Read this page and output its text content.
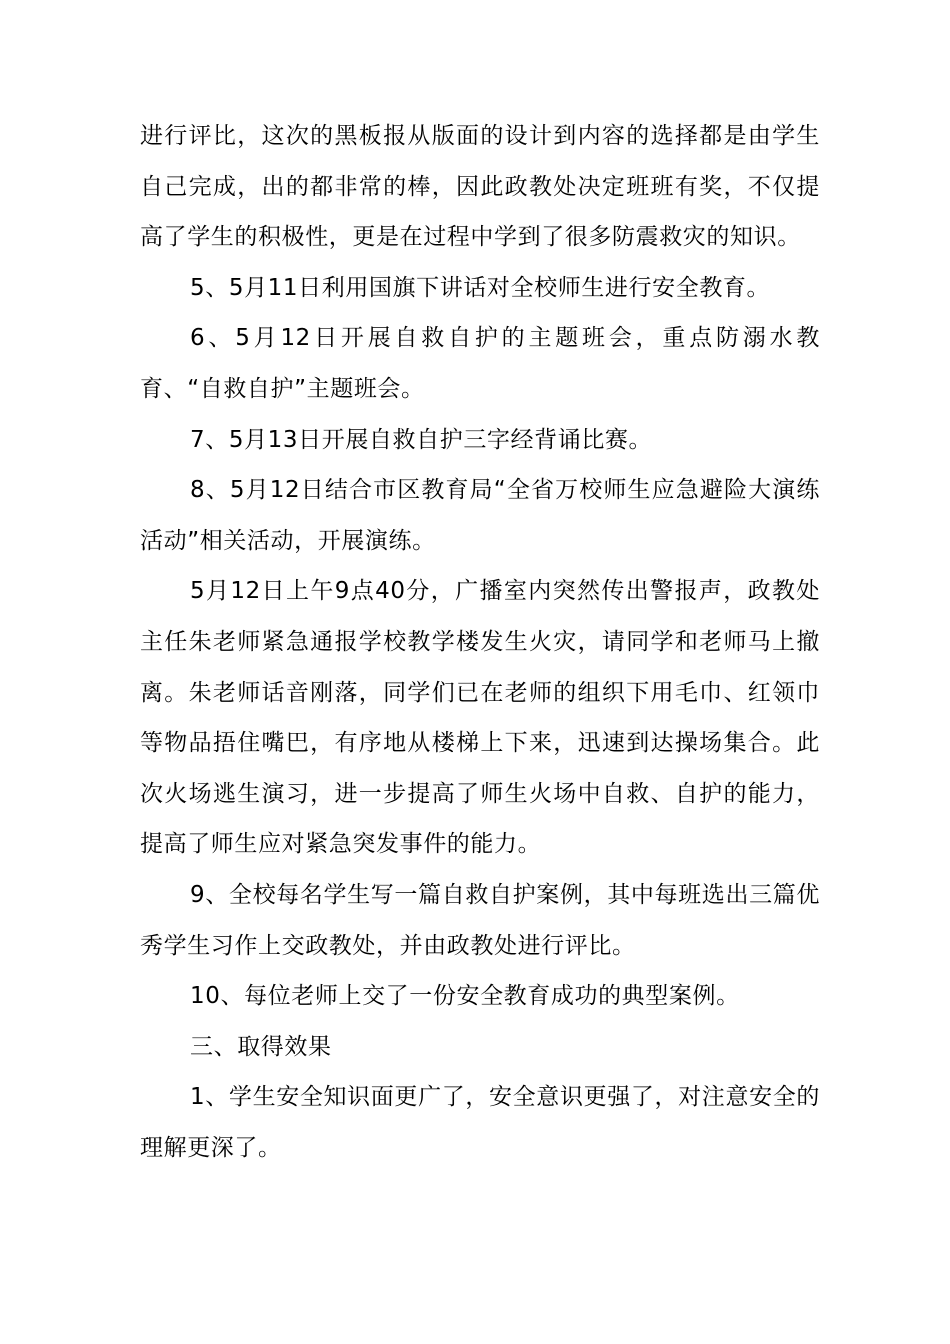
进行评比，这次的黑板报从版面的设计到内容的选择都是由学生自己完成，出的都非常的棒，因此政教处决定班班有奖，不仅提高了学生的积极性，更是在过程中学到了很多防震救灾的知识。

5、5月11日利用国旗下讲话对全校师生进行安全教育。

6、5月12日开展自救自护的主题班会，重点防溺水教育、“自救自护”主题班会。

7、5月13日开展自救自护三字经背诵比赛。

8、5月12日结合市区教育局“全省万校师生应急避险大演练活动”相关活动，开展演练。

5月12日上午9点40分，广播室内突然传出警报声，政教处主任朱老师紧急通报学校教学楼发生火灾，请同学和老师马上撤离。朱老师话音刚落，同学们已在老师的组织下用毛巾、红领巾等物品捂住嘴巴，有序地从楼梯上下来，迅速到达操场集合。此次火场逃生演习，进一步提高了师生火场中自救、自护的能力，提高了师生应对紧急突发事件的能力。

9、全校每名学生写一篇自救自护案例，其中每班选出三篇优秀学生习作上交政教处，并由政教处进行评比。

10、每位老师上交了一份安全教育成功的典型案例。

三、取得效果

1、学生安全知识面更广了，安全意识更强了，对注意安全的理解更深了。
